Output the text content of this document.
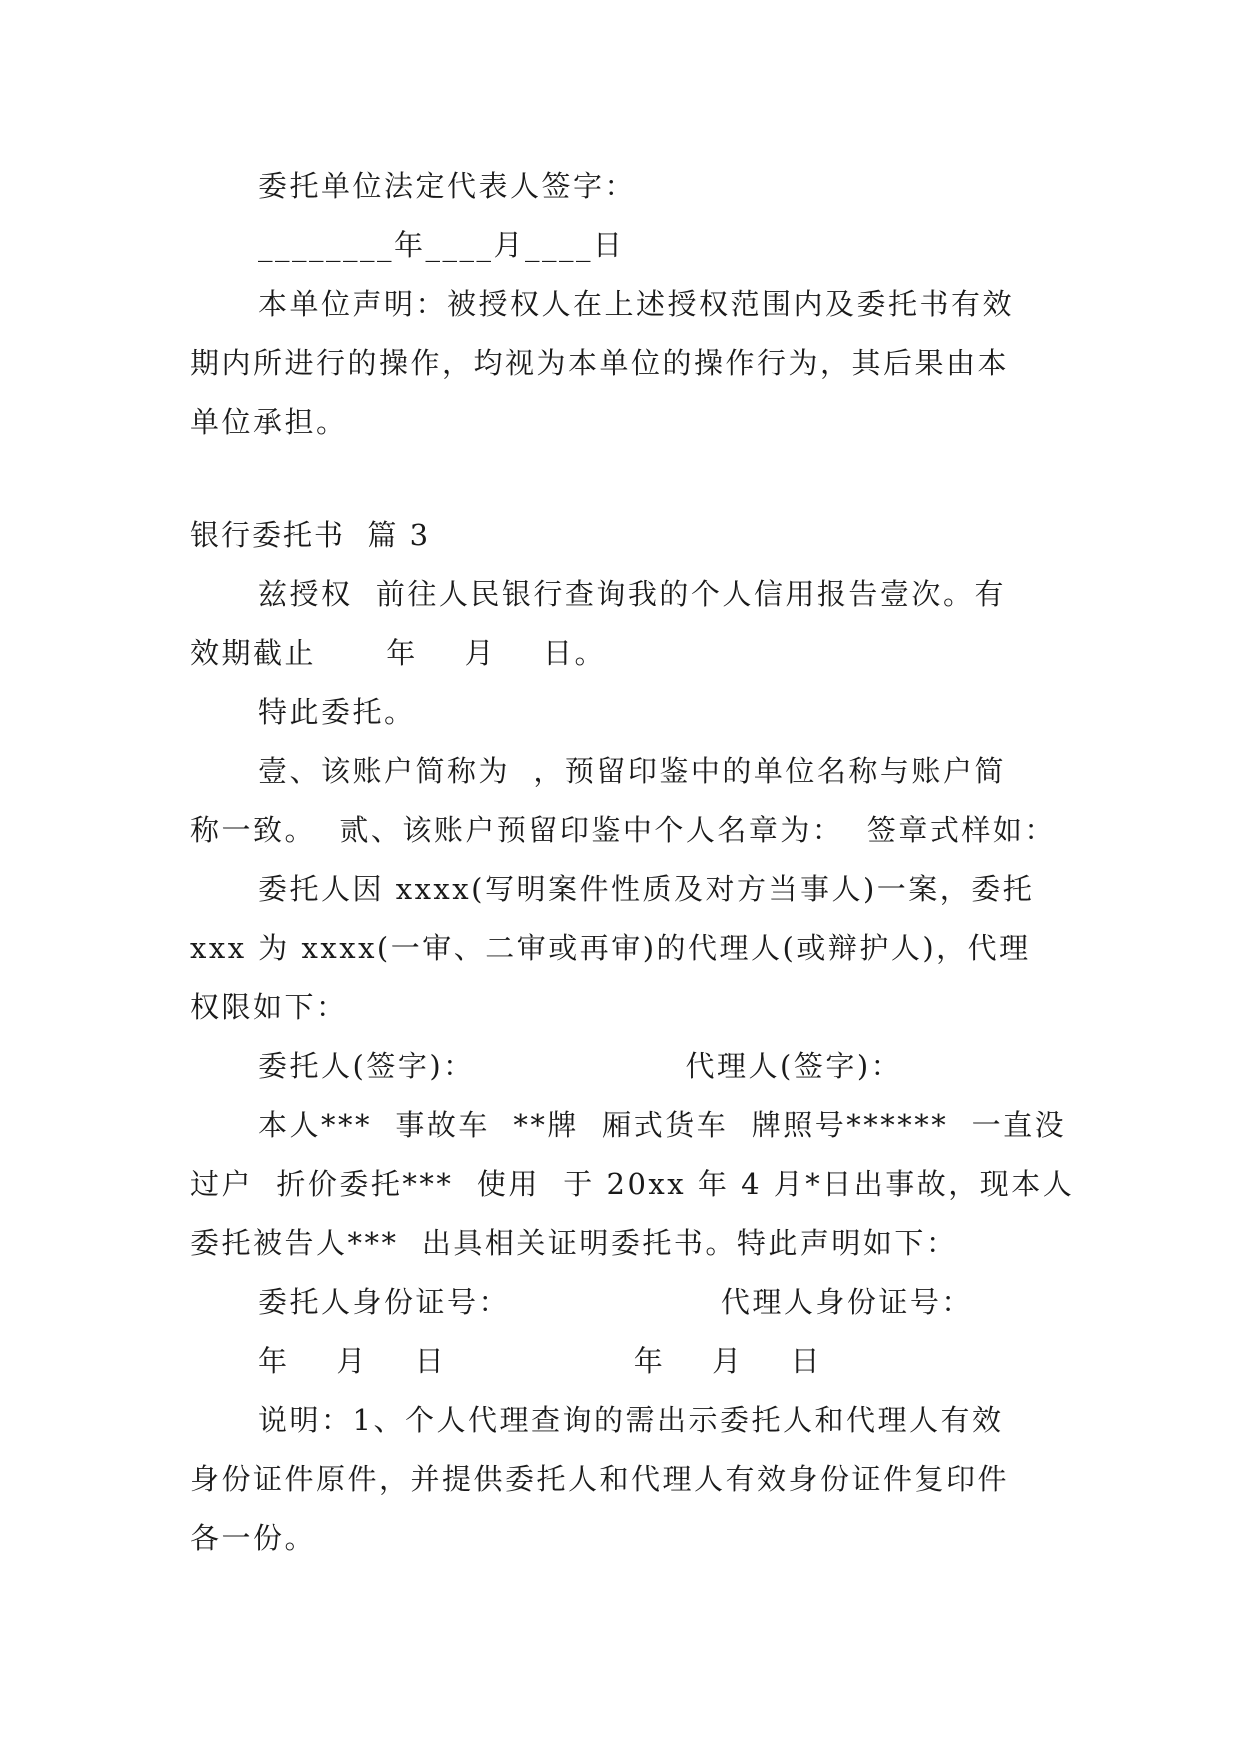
委托单位法定代表人签字：
________年____月____日
本单位声明：被授权人在上述授权范围内及委托书有效
期内所进行的操作，均视为本单位的操作行为，其后果由本
单位承担。
银行委托书  篇 3
兹授权  前往人民银行查询我的个人信用报告壹次。有
效期截止      年    月    日。
特此委托。
壹、该账户简称为  ，预留印鉴中的单位名称与账户简
称一致。  贰、该账户预留印鉴中个人名章为：  签章式样如：
委托人因 xxxx(写明案件性质及对方当事人)一案，委托
xxx 为 xxxx(一审、二审或再审)的代理人(或辩护人)，代理
权限如下：
委托人(签字)：                  代理人(签字)：
本人***  事故车  **牌  厢式货车  牌照号******  一直没
过户  折价委托***  使用  于 20xx 年 4 月*日出事故，现本人
委托被告人***  出具相关证明委托书。特此声明如下：
委托人身份证号：                  代理人身份证号：
年    月    日                年    月    日
说明：1、个人代理查询的需出示委托人和代理人有效
身份证件原件，并提供委托人和代理人有效身份证件复印件
各一份。
